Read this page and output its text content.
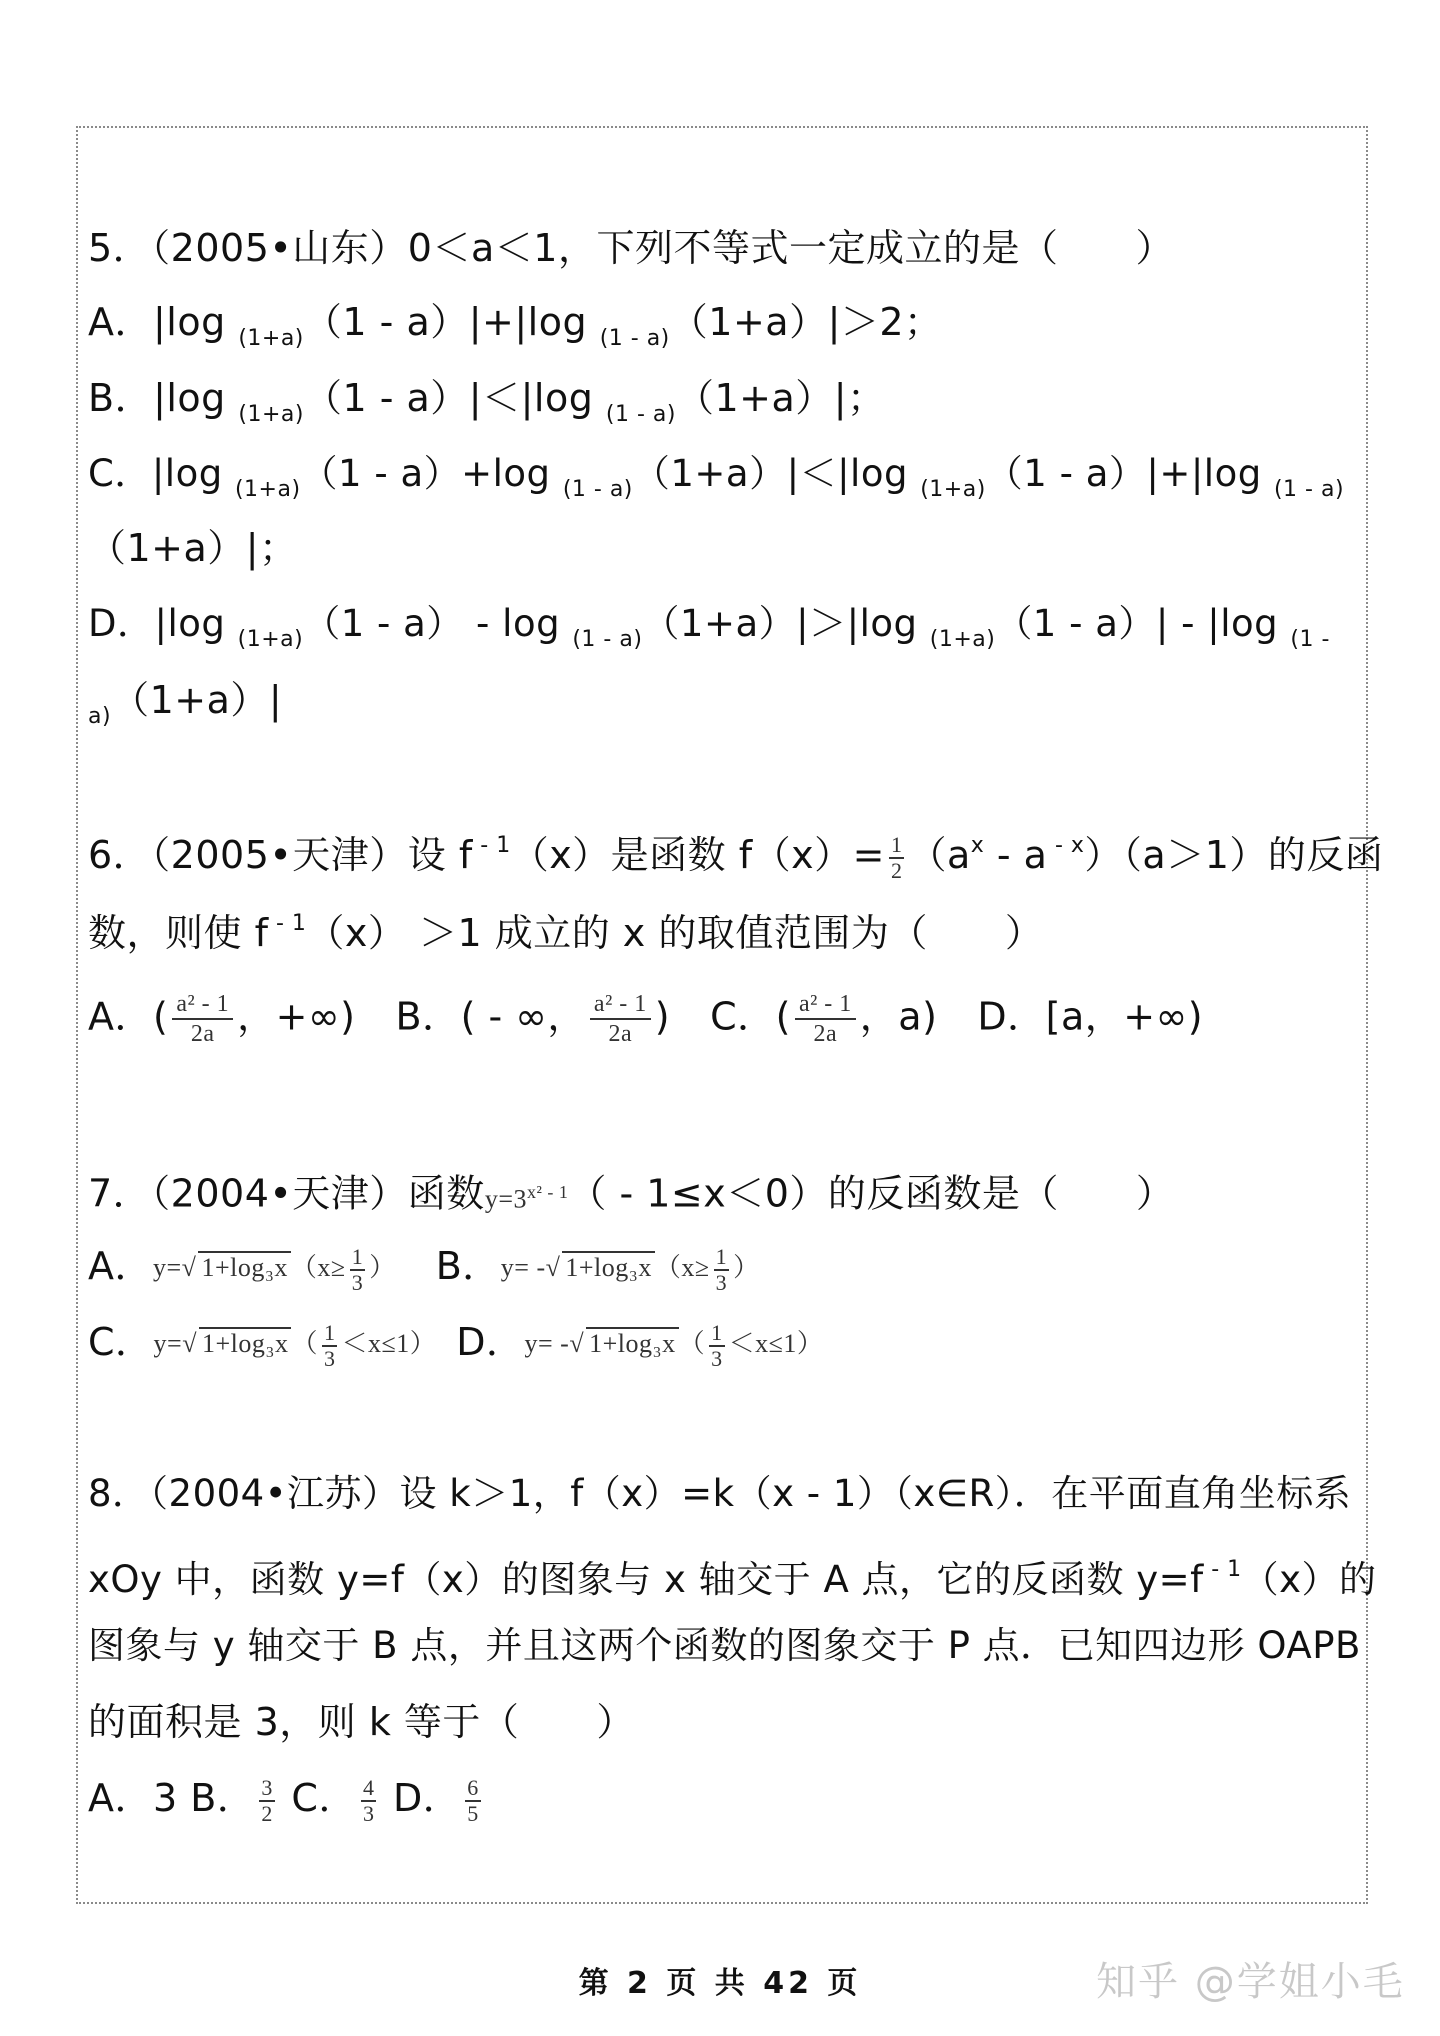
5．（2005•山东）0＜a＜1，下列不等式一定成立的是（　　）
A．|log $_{(1+a)}$（1 - a）|+|log $_{(1 - a)}$（1+a）|＞2；
B．|log $_{(1+a)}$（1 - a）|＜|log $_{(1 - a)}$（1+a）|；
C．|log $_{(1+a)}$（1 - a）+log $_{(1 - a)}$（1+a）|＜|log $_{(1+a)}$（1 - a）|+|log $_{(1 - a)}$
（1+a）|；
D．|log $_{(1+a)}$（1 - a） - log $_{(1 - a)}$（1+a）|＞|log $_{(1+a)}$（1 - a）| - |log $_{(1 -}$
$_{a)}$（1+a）|
6．（2005•天津）设 f $^{- 1}$（x）是函数 $f(x)= \frac{1}{2} (a^x - a$ $^{- x}$）（a＞1）的反函
数，则使 f $^{- 1}$（x） ＞1 成立的 x 的取值范围为（　　）
A．( $\frac{\text{a² - 1}}{2a}$ ，+∞) B．( - ∞， $\frac{\text{a² - 1}}{2a}$ ) C．( $\frac{\text{a² - 1}}{2a}$ ，a) D．[a，+∞)
7．（2004•天津）函数$y=3^{x^2 - 1}( - 1\le x<0)$的反函数是（　　）
A．y=√ 1+log₃x （$x\ge \frac{1}{3}$ ） B．y= -√ 1+log₃x （$x\ge \frac{1}{3}$ ）
C．y=√ 1+log₃x （ $\frac{1}{3} <x\le 1$） D．y= -√ 1+log₃x （ $\frac{1}{3} <x\le 1$）
8．（2004•江苏）设 k＞1，f（x）=k（x - 1）（x∈R）．在平面直角坐标系
xOy 中，函数 y=f（x）的图象与 x 轴交于 A 点，它的反函数 y=f $^{- 1}$（x）的
图象与 y 轴交于 B 点，并且这两个函数的图象交于 P 点．已知四边形 OAPB
的面积是 3，则 k 等于（　　）
A．3 B． $\frac{3}{2}$ C． $\frac{4}{3}$ D． $\frac{6}{5}$
第 2 页 共 42 页	知乎 @学姐小毛
